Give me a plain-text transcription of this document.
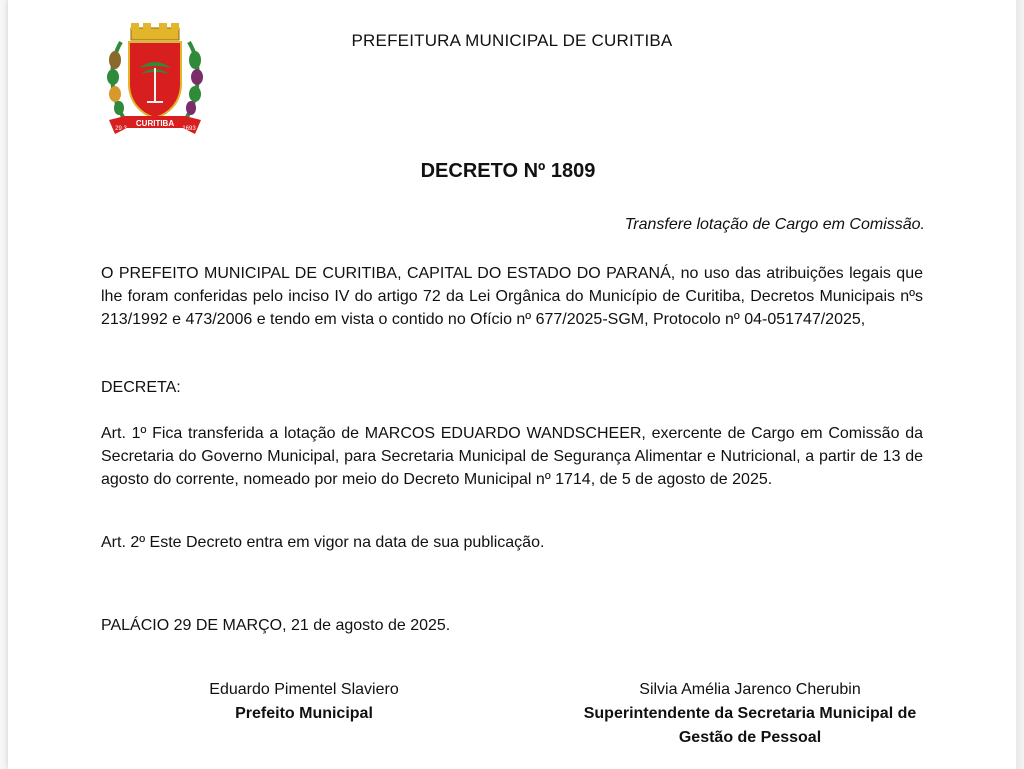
CURITIBA
29 3	1693
PREFEITURA MUNICIPAL DE CURITIBA
DECRETO Nº 1809
Transfere lotação de Cargo em Comissão.
O PREFEITO MUNICIPAL DE CURITIBA, CAPITAL DO ESTADO DO PARANÁ, no uso das atribuições legais que lhe foram conferidas pelo inciso IV do artigo 72 da Lei Orgânica do Município de Curitiba, Decretos Municipais nºs 213/1992 e 473/2006 e tendo em vista o contido no Ofício nº 677/2025-SGM, Protocolo nº 04-051747/2025,
DECRETA:
Art. 1º Fica transferida a lotação de MARCOS EDUARDO WANDSCHEER, exercente de Cargo em Comissão da Secretaria do Governo Municipal, para Secretaria Municipal de Segurança Alimentar e Nutricional, a partir de 13 de agosto do corrente, nomeado por meio do Decreto Municipal nº 1714, de 5 de agosto de 2025.
Art. 2º Este Decreto entra em vigor na data de sua publicação.
PALÁCIO 29 DE MARÇO, 21 de agosto de 2025.
Eduardo Pimentel Slaviero
Prefeito Municipal
Silvia Amélia Jarenco Cherubin
Superintendente da Secretaria Municipal de
Gestão de Pessoal
